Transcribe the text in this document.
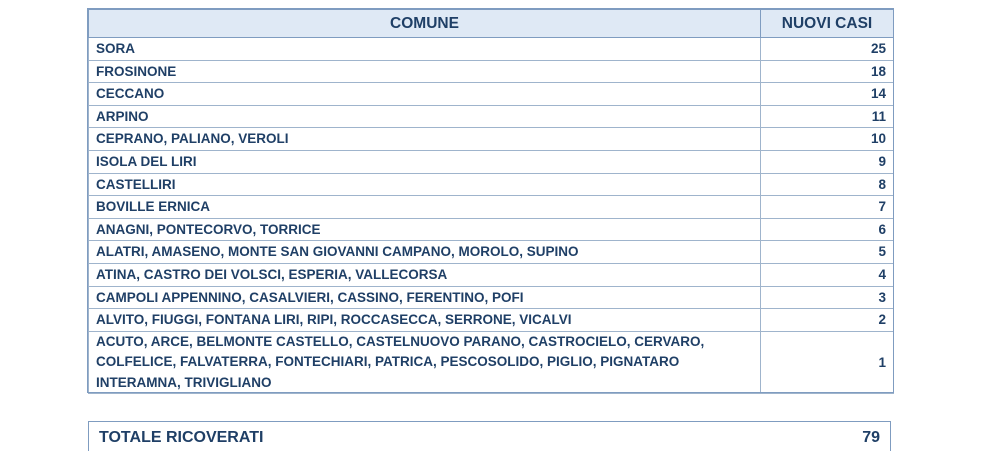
COMUNE	NUOVI CASI
SORA	25
FROSINONE	18
CECCANO	14
ARPINO	11
CEPRANO, PALIANO, VEROLI	10
ISOLA DEL LIRI	9
CASTELLIRI	8
BOVILLE ERNICA	7
ANAGNI, PONTECORVO, TORRICE	6
ALATRI, AMASENO, MONTE SAN GIOVANNI CAMPANO, MOROLO, SUPINO	5
ATINA, CASTRO DEI VOLSCI, ESPERIA, VALLECORSA	4
CAMPOLI APPENNINO, CASALVIERI, CASSINO, FERENTINO, POFI	3
ALVITO, FIUGGI, FONTANA LIRI, RIPI, ROCCASECCA, SERRONE, VICALVI	2
ACUTO, ARCE, BELMONTE CASTELLO, CASTELNUOVO PARANO, CASTROCIELO, CERVARO, COLFELICE, FALVATERRA, FONTECHIARI, PATRICA, PESCOSOLIDO, PIGLIO, PIGNATARO INTERAMNA, TRIVIGLIANO	1
TOTALE RICOVERATI	79
